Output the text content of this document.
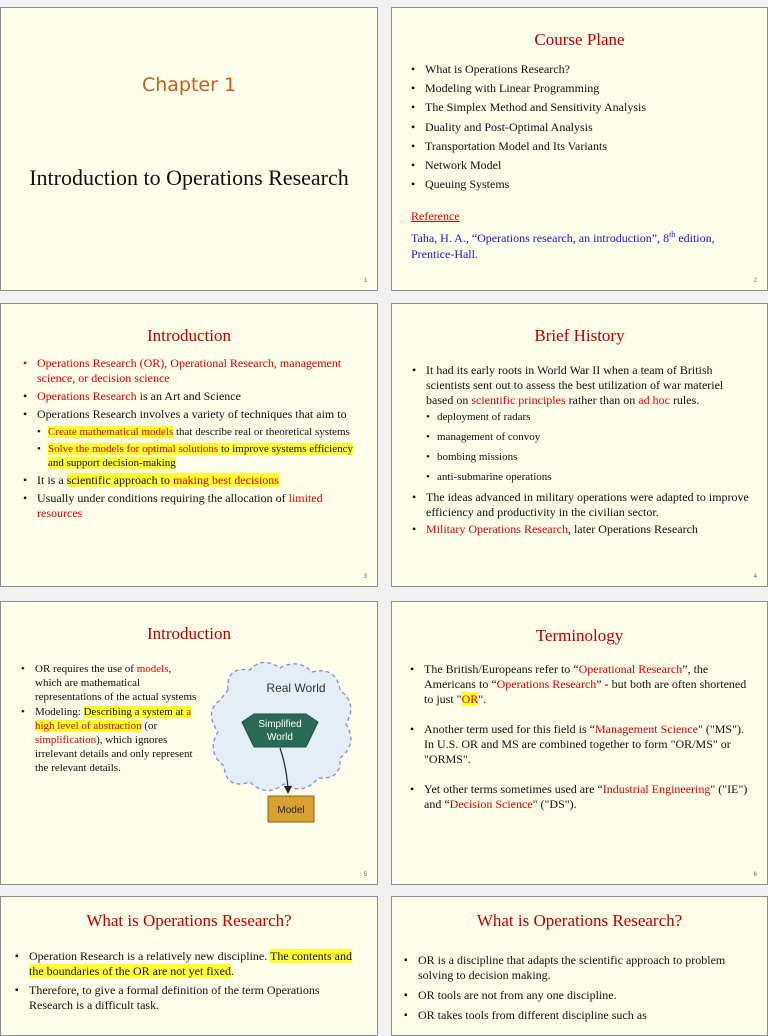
Chapter 1
Introduction to Operations Research
1
Course Plane
• What is Operations Research?
• Modeling with Linear Programming
• The Simplex Method and Sensitivity Analysis
• Duality and Post-Optimal Analysis
• Transportation Model and Its Variants
• Network Model
• Queuing Systems
Reference
Taha, H. A., “Operations research, an introduction”, 8th edition, Prentice-Hall.
2
Introduction
• Operations Research (OR), Operational Research, management science, or decision science
• Operations Research is an Art and Science
• Operations Research involves a variety of techniques that aim to
• Create mathematical models that describe real or theoretical systems
• Solve the models for optimal solutions to improve systems efficiency and support decision-making
• It is a scientific approach to making best decisions
• Usually under conditions requiring the allocation of limited resources
3
Brief History
• It had its early roots in World War II when a team of British scientists sent out to assess the best utilization of war materiel based on scientific principles rather than on ad hoc rules.
• deployment of radars
• management of convoy
• bombing missions
• anti-submarine operations
• The ideas advanced in military operations were adapted to improve efficiency and productivity in the civilian sector.
• Military Operations Research, later Operations Research
4
Introduction
• OR requires the use of models, which are mathematical representations of the actual systems
• Modeling: Describing a system at a high level of abstraction (or simplification), which ignores irrelevant details and only represent the relevant details.
Real World
Simplified
World
Model
5
Terminology
• The British/Europeans refer to “Operational Research”, the Americans to “Operations Research” - but both are often shortened to just "OR".
• Another term used for this field is “Management Science" ("MS"). In U.S. OR and MS are combined together to form "OR/MS" or "ORMS".
• Yet other terms sometimes used are “Industrial Engineering" ("IE") and “Decision Science" ("DS").
6
What is Operations Research?
▪ Operation Research is a relatively new discipline. The contents and the boundaries of the OR are not yet fixed.
▪ Therefore, to give a formal definition of the term Operations Research is a difficult task.
What is Operations Research?
▪ OR is a discipline that adapts the scientific approach to problem solving to decision making.
▪ OR tools are not from any one discipline.
▪ OR takes tools from different discipline such as
